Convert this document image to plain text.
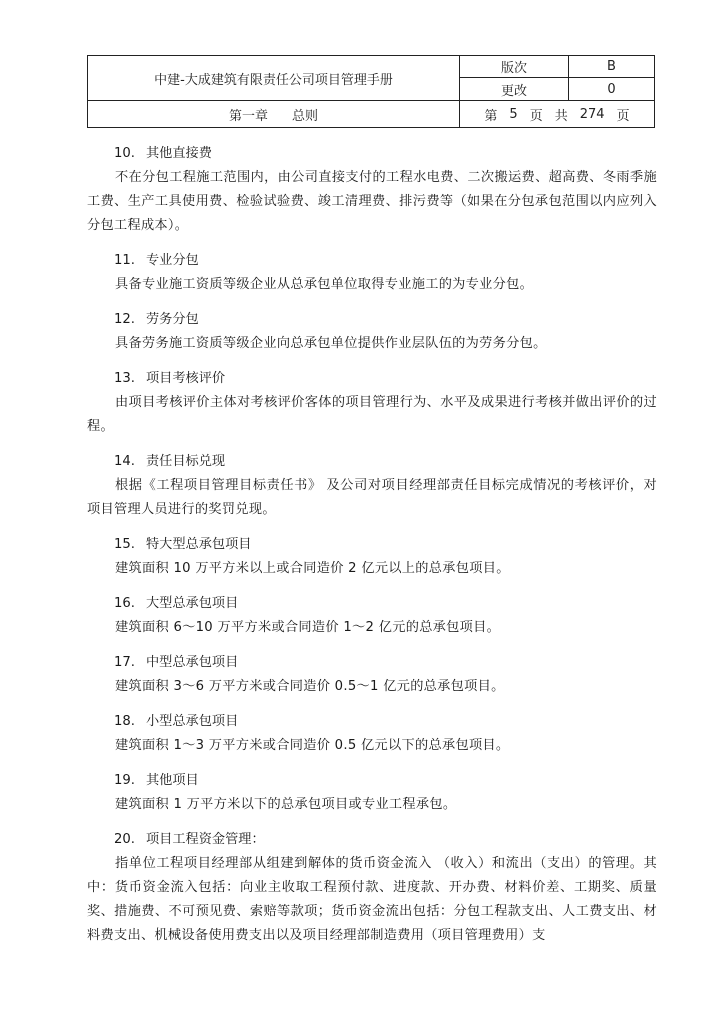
中建-大成建筑有限责任公司项目管理手册
版次	B
更改	0
第一章 总则	第 5 页 共 274 页
10. 其他直接费
不在分包工程施工范围内，由公司直接支付的工程水电费、二次搬运费、超高费、冬雨季施工费、生产工具使用费、检验试验费、竣工清理费、排污费等（如果在分包承包范围以内应列入分包工程成本）。
11. 专业分包
具备专业施工资质等级企业从总承包单位取得专业施工的为专业分包。
12. 劳务分包
具备劳务施工资质等级企业向总承包单位提供作业层队伍的为劳务分包。
13. 项目考核评价
由项目考核评价主体对考核评价客体的项目管理行为、水平及成果进行考核并做出评价的过程。
14. 责任目标兑现
根据《工程项目管理目标责任书》 及公司对项目经理部责任目标完成情况的考核评价，对项目管理人员进行的奖罚兑现。
15. 特大型总承包项目
建筑面积 10 万平方米以上或合同造价 2 亿元以上的总承包项目。
16. 大型总承包项目
建筑面积 6～10 万平方米或合同造价 1～2 亿元的总承包项目。
17. 中型总承包项目
建筑面积 3～6 万平方米或合同造价 0.5～1 亿元的总承包项目。
18. 小型总承包项目
建筑面积 1～3 万平方米或合同造价 0.5 亿元以下的总承包项目。
19. 其他项目
建筑面积 1 万平方米以下的总承包项目或专业工程承包。
20. 项目工程资金管理：
指单位工程项目经理部从组建到解体的货币资金流入 （收入）和流出（支出）的管理。其中：货币资金流入包括：向业主收取工程预付款、进度款、开办费、材料价差、工期奖、质量奖、措施费、不可预见费、索赔等款项；货币资金流出包括：分包工程款支出、人工费支出、材料费支出、机械设备使用费支出以及项目经理部制造费用（项目管理费用）支
